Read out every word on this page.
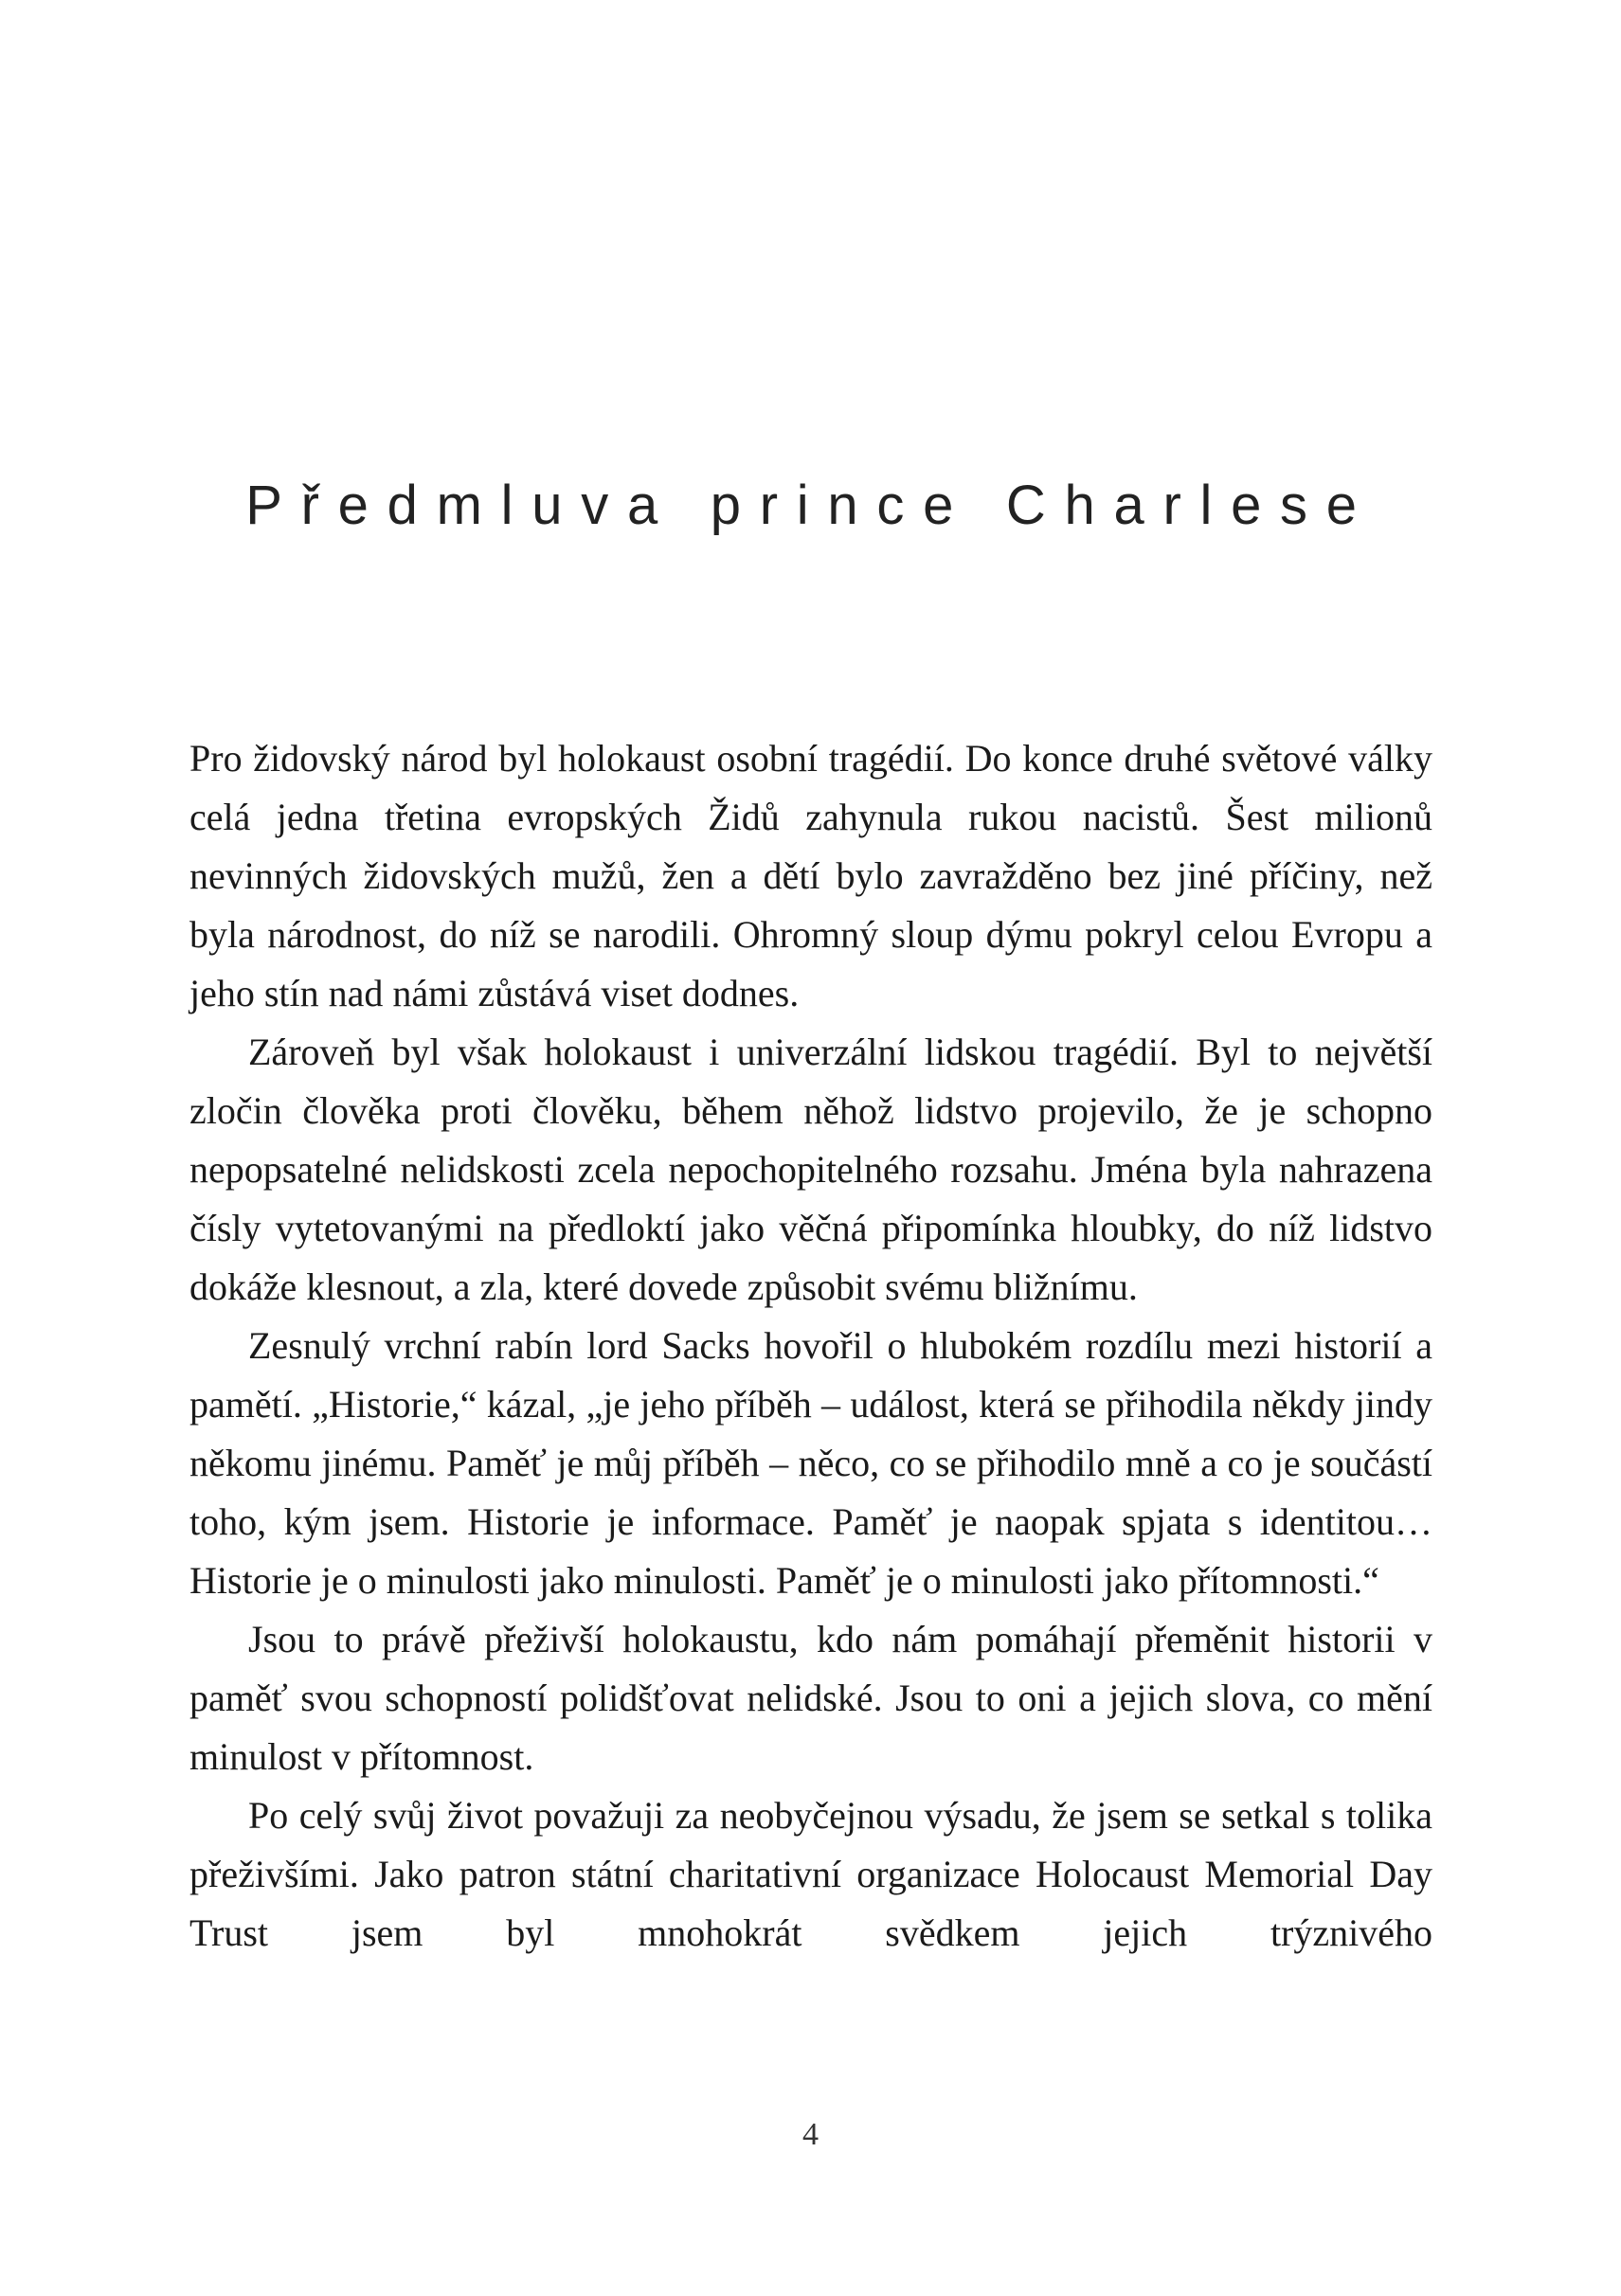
Předmluva prince Charlese

Pro židovský národ byl holokaust osobní tragédií. Do konce druhé světové války celá jedna třetina evropských Židů zahynula rukou nacistů. Šest milionů nevinných židovských mužů, žen a dětí bylo zavražděno bez jiné příčiny, než byla národnost, do níž se narodili. Ohromný sloup dýmu pokryl celou Evropu a jeho stín nad námi zůstává viset dodnes.

Zároveň byl však holokaust i univerzální lidskou tragédií. Byl to největší zločin člověka proti člověku, během něhož lidstvo projevilo, že je schopno nepopsatelné nelidskosti zcela nepochopitelného rozsahu. Jména byla nahrazena čísly vytetovanými na předloktí jako věčná připomínka hloubky, do níž lidstvo dokáže klesnout, a zla, které dovede způsobit svému bližnímu.

Zesnulý vrchní rabín lord Sacks hovořil o hlubokém rozdílu mezi historií a pamětí. „Historie,“ kázal, „je jeho příběh – událost, která se přihodila někdy jindy někomu jinému. Paměť je můj příběh – něco, co se přihodilo mně a co je součástí toho, kým jsem. Historie je informace. Paměť je naopak spjata s identitou… Historie je o minulosti jako minulosti. Paměť je o minulosti jako přítomnosti.“

Jsou to právě přeživší holokaustu, kdo nám pomáhají přeměnit historii v paměť svou schopností polidšťovat nelidské. Jsou to oni a jejich slova, co mění minulost v přítomnost.

Po celý svůj život považuji za neobyčejnou výsadu, že jsem se setkal s tolika přeživšími. Jako patron státní charitativní organizace Holocaust Memorial Day Trust jsem byl mnohokrát svědkem jejich trýznivého

4
